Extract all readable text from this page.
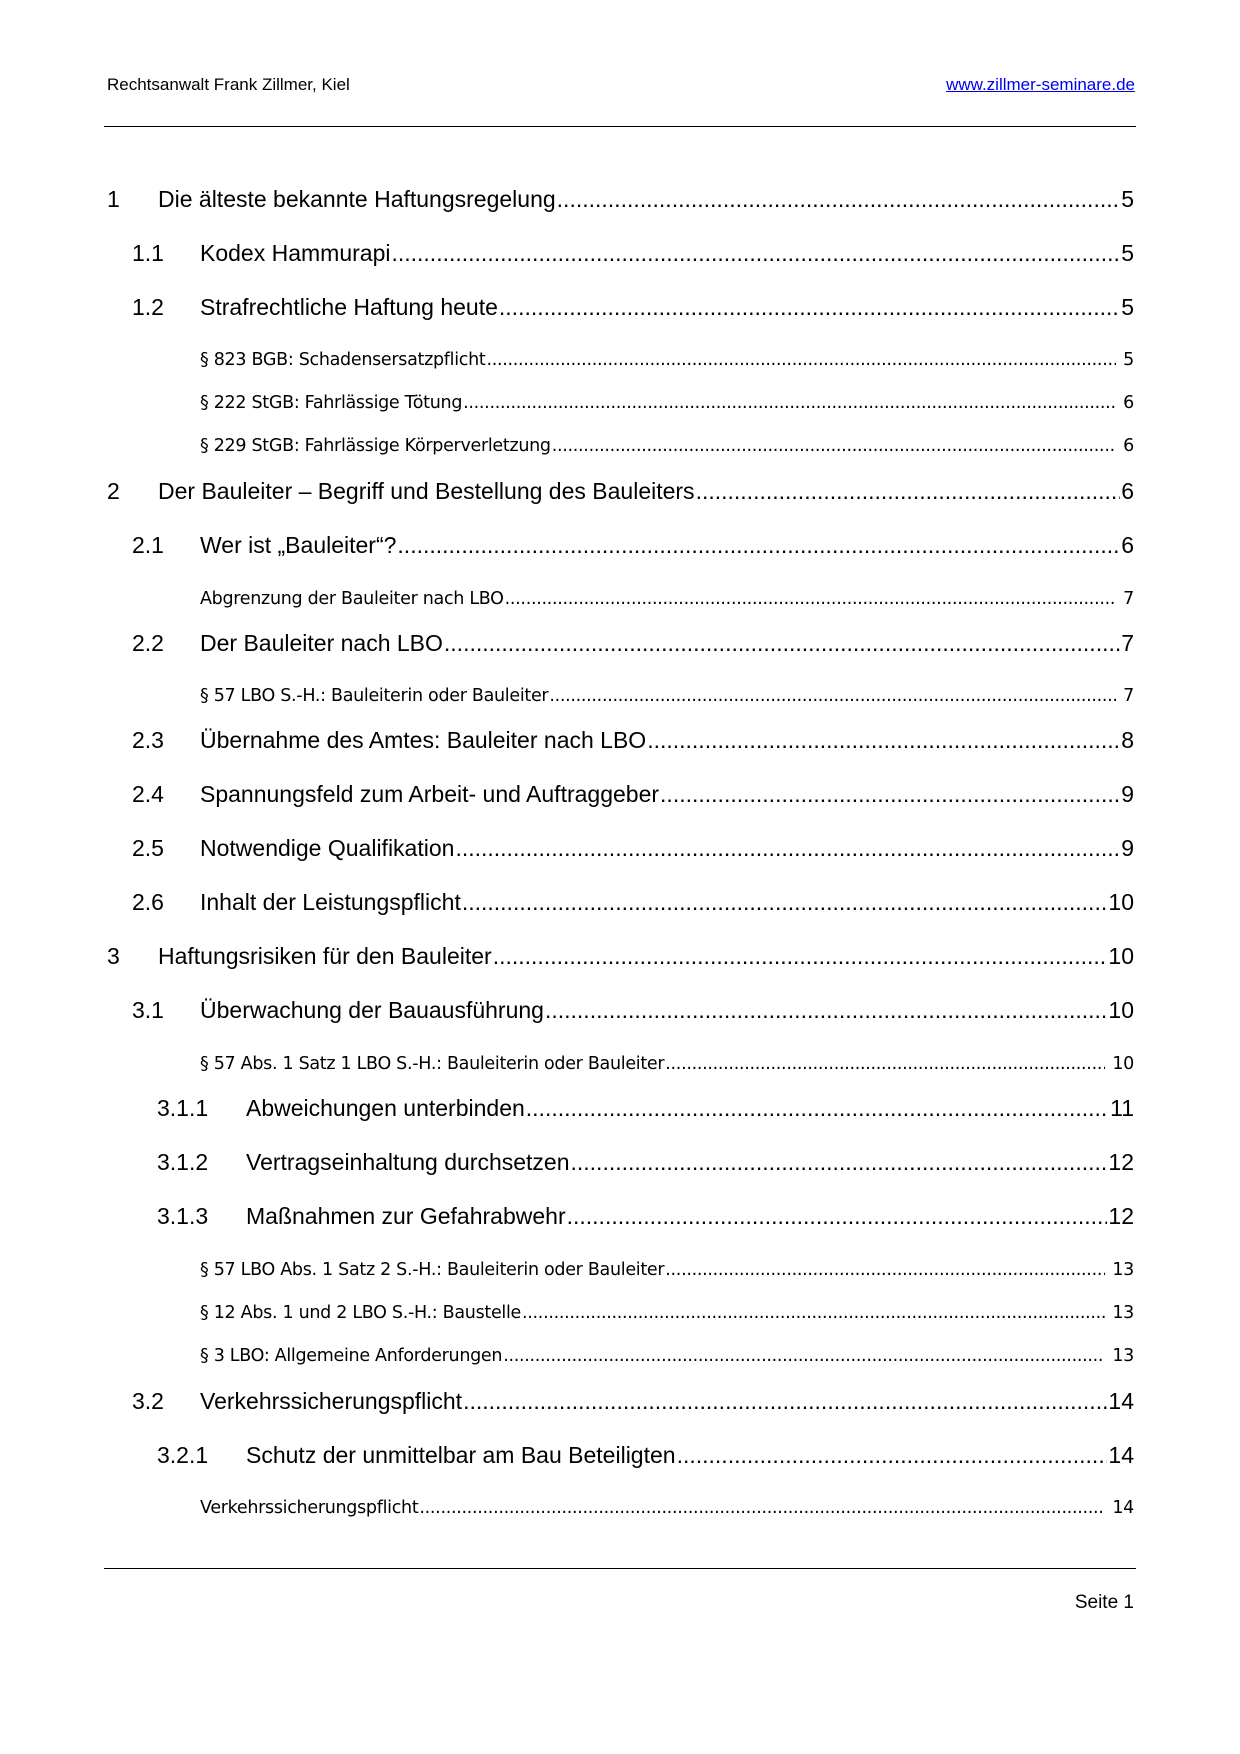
Rechtsanwalt Frank Zillmer, Kiel	www.zillmer-seminare.de
1	Die älteste bekannte Haftungsregelung .....	5
1.1	Kodex Hammurapi .....	5
1.2	Strafrechtliche Haftung heute .....	5
§ 823 BGB: Schadensersatzpflicht .....	5
§ 222 StGB: Fahrlässige Tötung .....	6
§ 229 StGB: Fahrlässige Körperverletzung .....	6
2	Der Bauleiter – Begriff und Bestellung des Bauleiters .....	6
2.1	Wer ist „Bauleiter“? .....	6
Abgrenzung der Bauleiter nach LBO .....	7
2.2	Der Bauleiter nach LBO .....	7
§ 57 LBO S.-H.: Bauleiterin oder Bauleiter .....	7
2.3	Übernahme des Amtes: Bauleiter nach LBO .....	8
2.4	Spannungsfeld zum Arbeit- und Auftraggeber .....	9
2.5	Notwendige Qualifikation .....	9
2.6	Inhalt der Leistungspflicht .....	10
3	Haftungsrisiken für den Bauleiter .....	10
3.1	Überwachung der Bauausführung .....	10
§ 57 Abs. 1 Satz 1 LBO S.-H.: Bauleiterin oder Bauleiter .....	10
3.1.1	Abweichungen unterbinden .....	11
3.1.2	Vertragseinhaltung durchsetzen .....	12
3.1.3	Maßnahmen zur Gefahrabwehr .....	12
§ 57 LBO Abs. 1 Satz 2 S.-H.: Bauleiterin oder Bauleiter .....	13
§ 12 Abs. 1 und 2 LBO S.-H.: Baustelle .....	13
§ 3 LBO: Allgemeine Anforderungen .....	13
3.2	Verkehrssicherungspflicht .....	14
3.2.1	Schutz der unmittelbar am Bau Beteiligten .....	14
Verkehrssicherungspflicht .....	14
Seite 1
